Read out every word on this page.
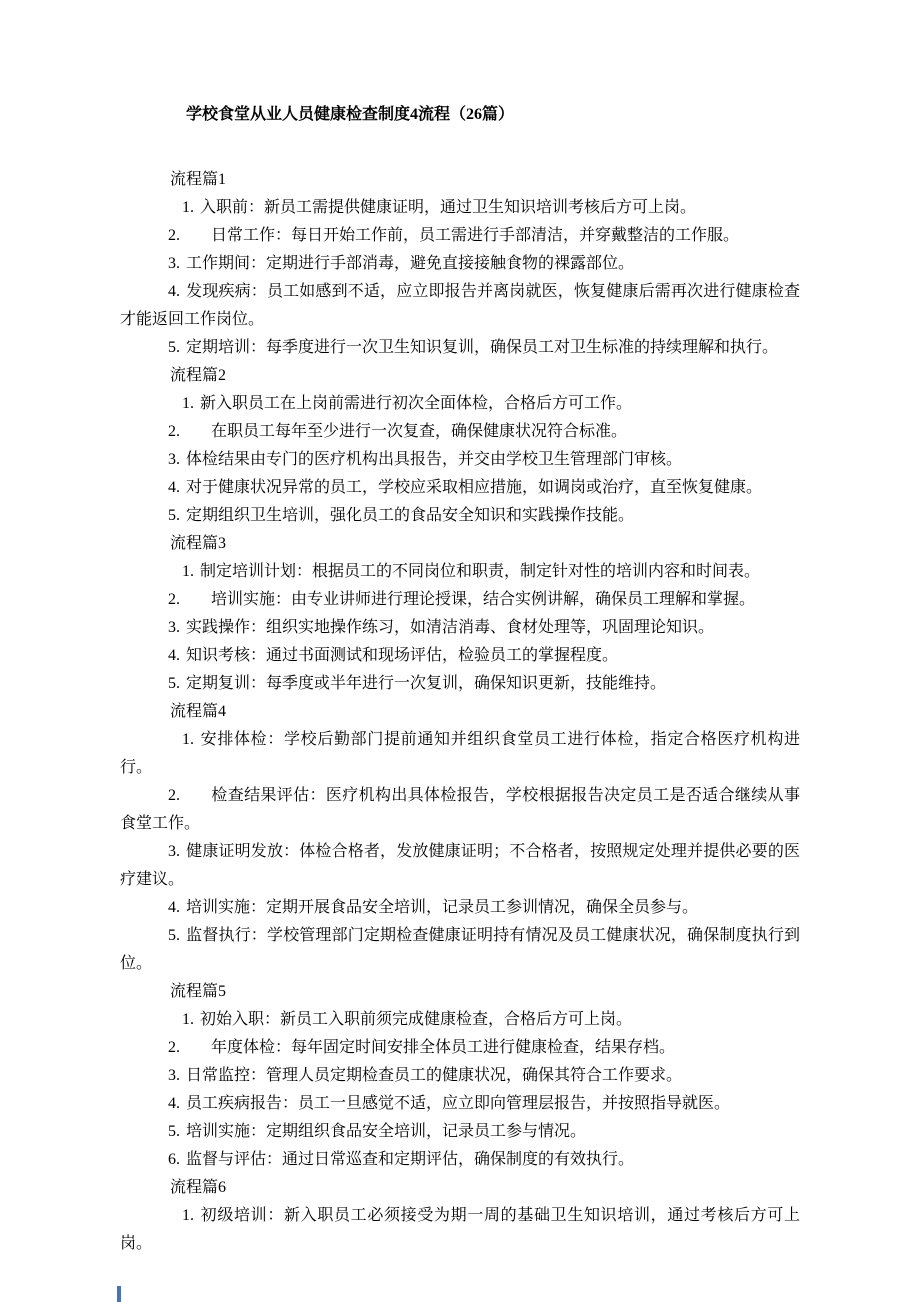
学校食堂从业人员健康检查制度4流程（26篇）

流程篇1

1. 入职前：新员工需提供健康证明，通过卫生知识培训考核后方可上岗。

2. 日常工作：每日开始工作前，员工需进行手部清洁，并穿戴整洁的工作服。

3. 工作期间：定期进行手部消毒，避免直接接触食物的裸露部位。

4. 发现疾病：员工如感到不适，应立即报告并离岗就医，恢复健康后需再次进行健康检查才能返回工作岗位。

5. 定期培训：每季度进行一次卫生知识复训，确保员工对卫生标准的持续理解和执行。

流程篇2

1. 新入职员工在上岗前需进行初次全面体检，合格后方可工作。

2. 在职员工每年至少进行一次复查，确保健康状况符合标准。

3. 体检结果由专门的医疗机构出具报告，并交由学校卫生管理部门审核。

4. 对于健康状况异常的员工，学校应采取相应措施，如调岗或治疗，直至恢复健康。

5. 定期组织卫生培训，强化员工的食品安全知识和实践操作技能。

流程篇3

1. 制定培训计划：根据员工的不同岗位和职责，制定针对性的培训内容和时间表。

2. 培训实施：由专业讲师进行理论授课，结合实例讲解，确保员工理解和掌握。

3. 实践操作：组织实地操作练习，如清洁消毒、食材处理等，巩固理论知识。

4. 知识考核：通过书面测试和现场评估，检验员工的掌握程度。

5. 定期复训：每季度或半年进行一次复训，确保知识更新，技能维持。

流程篇4

1. 安排体检：学校后勤部门提前通知并组织食堂员工进行体检，指定合格医疗机构进行。

2. 检查结果评估：医疗机构出具体检报告，学校根据报告决定员工是否适合继续从事食堂工作。

3. 健康证明发放：体检合格者，发放健康证明；不合格者，按照规定处理并提供必要的医疗建议。

4. 培训实施：定期开展食品安全培训，记录员工参训情况，确保全员参与。

5. 监督执行：学校管理部门定期检查健康证明持有情况及员工健康状况，确保制度执行到位。

流程篇5

1. 初始入职：新员工入职前须完成健康检查，合格后方可上岗。

2. 年度体检：每年固定时间安排全体员工进行健康检查，结果存档。

3. 日常监控：管理人员定期检查员工的健康状况，确保其符合工作要求。

4. 员工疾病报告：员工一旦感觉不适，应立即向管理层报告，并按照指导就医。

5. 培训实施：定期组织食品安全培训，记录员工参与情况。

6. 监督与评估：通过日常巡查和定期评估，确保制度的有效执行。

流程篇6

1. 初级培训：新入职员工必须接受为期一周的基础卫生知识培训，通过考核后方可上岗。
